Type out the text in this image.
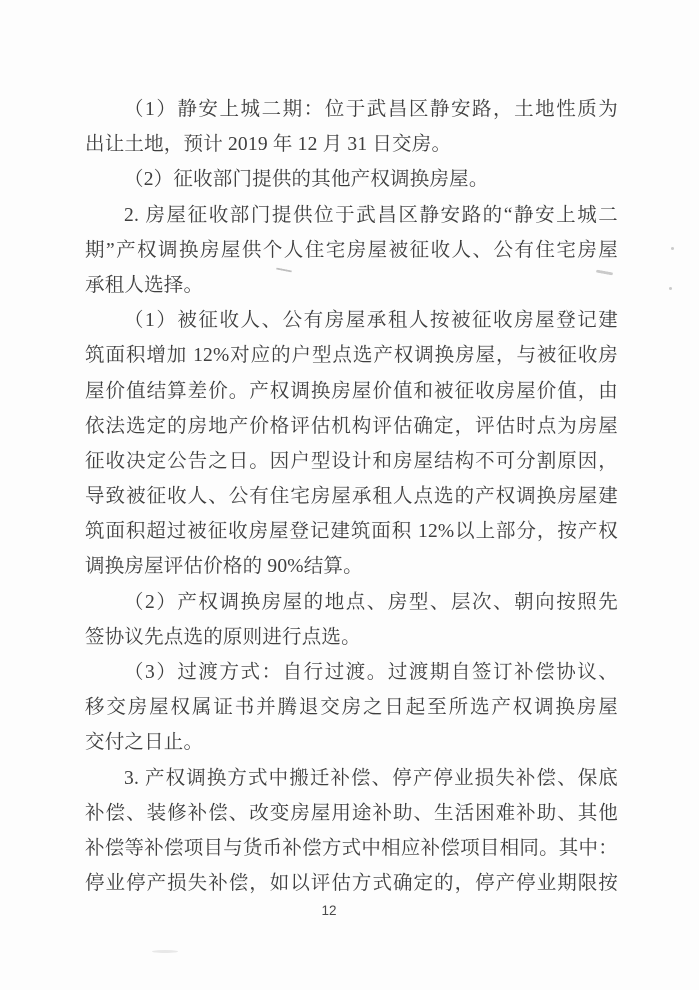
（1）静安上城二期：位于武昌区静安路，土地性质为
出让土地，预计 2019 年 12 月 31 日交房。
（2）征收部门提供的其他产权调换房屋。
2. 房屋征收部门提供位于武昌区静安路的“静安上城二
期”产权调换房屋供个人住宅房屋被征收人、公有住宅房屋
承租人选择。
（1）被征收人、公有房屋承租人按被征收房屋登记建
筑面积增加 12%对应的户型点选产权调换房屋，与被征收房
屋价值结算差价。产权调换房屋价值和被征收房屋价值，由
依法选定的房地产价格评估机构评估确定，评估时点为房屋
征收决定公告之日。因户型设计和房屋结构不可分割原因，
导致被征收人、公有住宅房屋承租人点选的产权调换房屋建
筑面积超过被征收房屋登记建筑面积 12%以上部分，按产权
调换房屋评估价格的 90%结算。
（2）产权调换房屋的地点、房型、层次、朝向按照先
签协议先点选的原则进行点选。
（3）过渡方式：自行过渡。过渡期自签订补偿协议、
移交房屋权属证书并腾退交房之日起至所选产权调换房屋
交付之日止。
3. 产权调换方式中搬迁补偿、停产停业损失补偿、保底
补偿、装修补偿、改变房屋用途补助、生活困难补助、其他
补偿等补偿项目与货币补偿方式中相应补偿项目相同。其中：
停业停产损失补偿，如以评估方式确定的，停产停业期限按
12
